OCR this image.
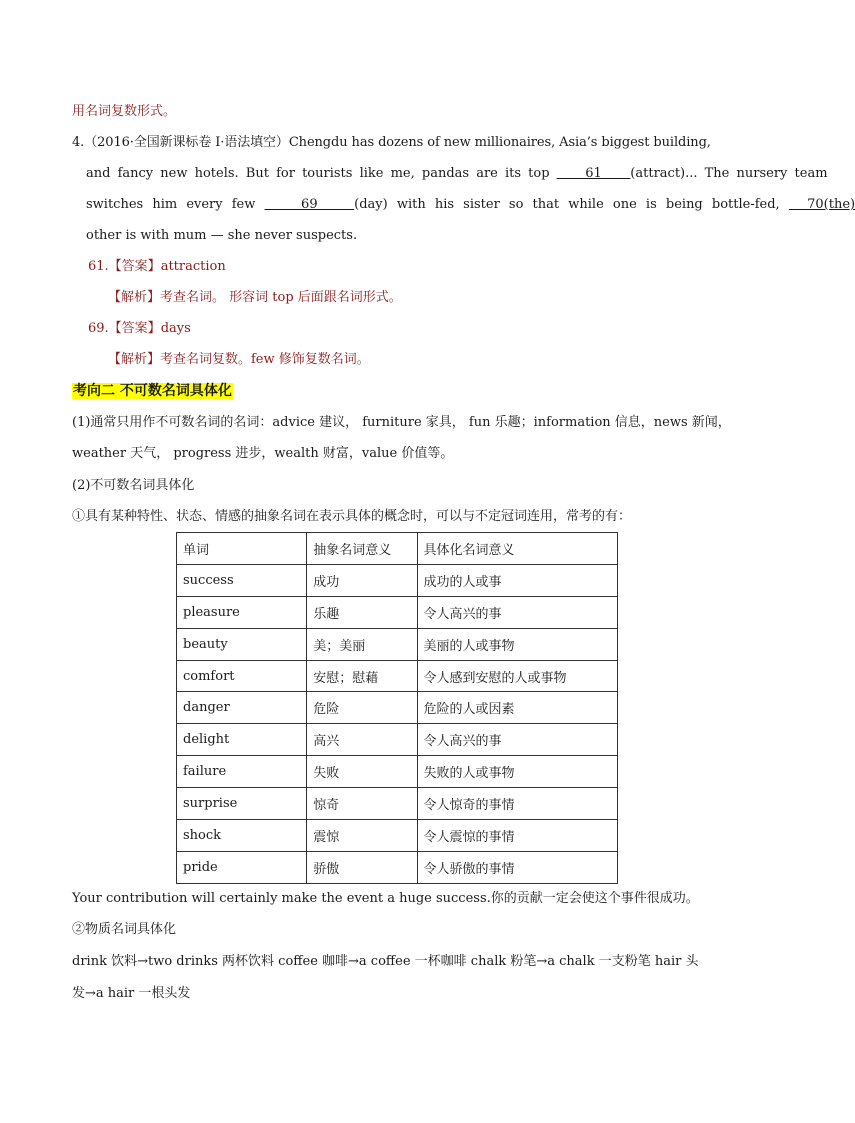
用名词复数形式。
4.（2016·全国新课标卷 I·语法填空）Chengdu has dozens of new millionaires, Asia’s biggest building,
and fancy new hotels. But for tourists like me, pandas are its top     61    (attract)... The nursery team
switches him every few     69    (day) with his sister so that while one is being bottle-fed,   70(the)
other is with mum — she never suspects.
61.【答案】attraction
【解析】考查名词。 形容词 top 后面跟名词形式。
69.【答案】days
【解析】考查名词复数。few 修饰复数名词。
考向二 不可数名词具体化
(1)通常只用作不可数名词的名词：advice 建议， furniture 家具， fun 乐趣；information 信息，news 新闻，
weather 天气， progress 进步，wealth 财富，value 价值等。
(2)不可数名词具体化
①具有某种特性、状态、情感的抽象名词在表示具体的概念时，可以与不定冠词连用，常考的有：
单词	抽象名词意义	具体化名词意义
success	成功	成功的人或事
pleasure	乐趣	令人高兴的事
beauty	美；美丽	美丽的人或事物
comfort	安慰；慰藉	令人感到安慰的人或事物
danger	危险	危险的人或因素
delight	高兴	令人高兴的事
failure	失败	失败的人或事物
surprise	惊奇	令人惊奇的事情
shock	震惊	令人震惊的事情
pride	骄傲	令人骄傲的事情
Your contribution will certainly make the event a huge success.你的贡献一定会使这个事件很成功。
②物质名词具体化
drink 饮料→two drinks 两杯饮料 coffee 咖啡→a coffee 一杯咖啡 chalk 粉笔→a chalk 一支粉笔 hair 头
发→a hair 一根头发
